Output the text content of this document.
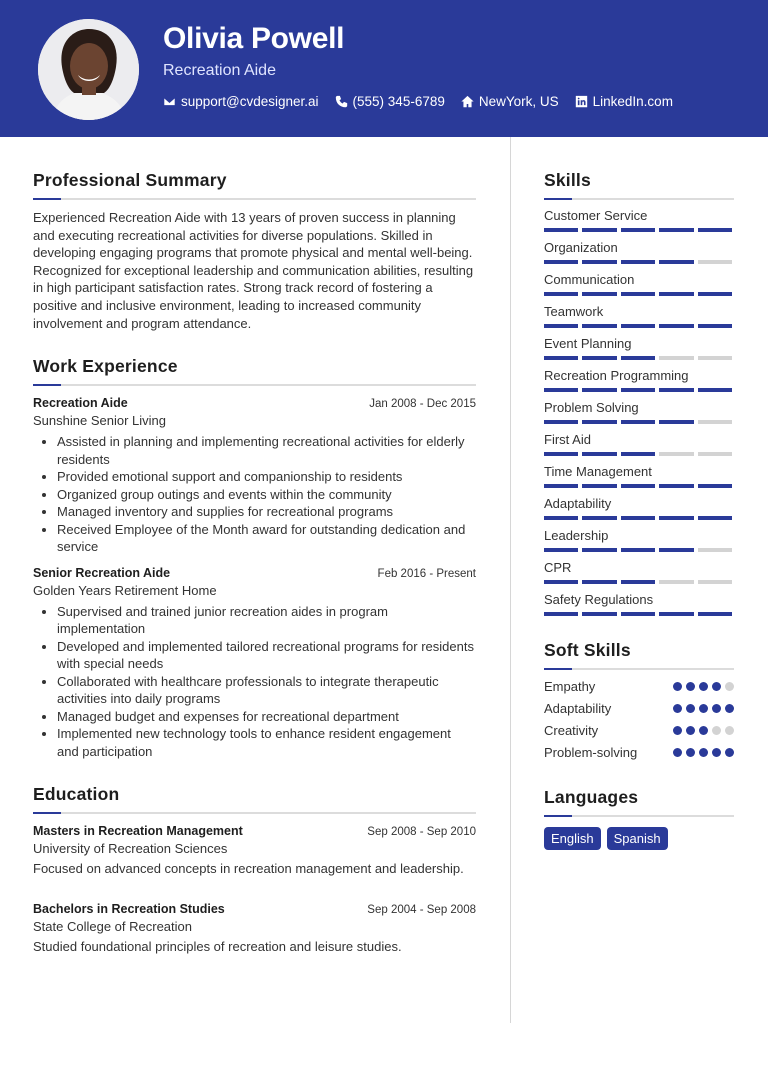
Olivia Powell
Recreation Aide
support@cvdesigner.ai	(555) 345-6789	NewYork, US	LinkedIn.com
Professional Summary

Experienced Recreation Aide with 13 years of proven success in planning and executing recreational activities for diverse populations. Skilled in developing engaging programs that promote physical and mental well-being. Recognized for exceptional leadership and communication abilities, resulting in high participant satisfaction rates. Strong track record of fostering a positive and inclusive environment, leading to increased community involvement and program attendance.

Work Experience
Recreation Aide	Jan 2008 - Dec 2015
Sunshine Senior Living
• Assisted in planning and implementing recreational activities for elderly residents
• Provided emotional support and companionship to residents
• Organized group outings and events within the community
• Managed inventory and supplies for recreational programs
• Received Employee of the Month award for outstanding dedication and service
Senior Recreation Aide	Feb 2016 - Present
Golden Years Retirement Home
• Supervised and trained junior recreation aides in program implementation
• Developed and implemented tailored recreational programs for residents with special needs
• Collaborated with healthcare professionals to integrate therapeutic activities into daily programs
• Managed budget and expenses for recreational department
• Implemented new technology tools to enhance resident engagement and participation
Education
Masters in Recreation Management	Sep 2008 - Sep 2010
University of Recreation Sciences
Focused on advanced concepts in recreation management and leadership.
Bachelors in Recreation Studies	Sep 2004 - Sep 2008
State College of Recreation
Studied foundational principles of recreation and leisure studies.
Skills
Customer Service
Organization
Communication
Teamwork
Event Planning
Recreation Programming
Problem Solving
First Aid
Time Management
Adaptability
Leadership
CPR
Safety Regulations
Soft Skills
Empathy
Adaptability
Creativity
Problem-solving
Languages
English	Spanish
